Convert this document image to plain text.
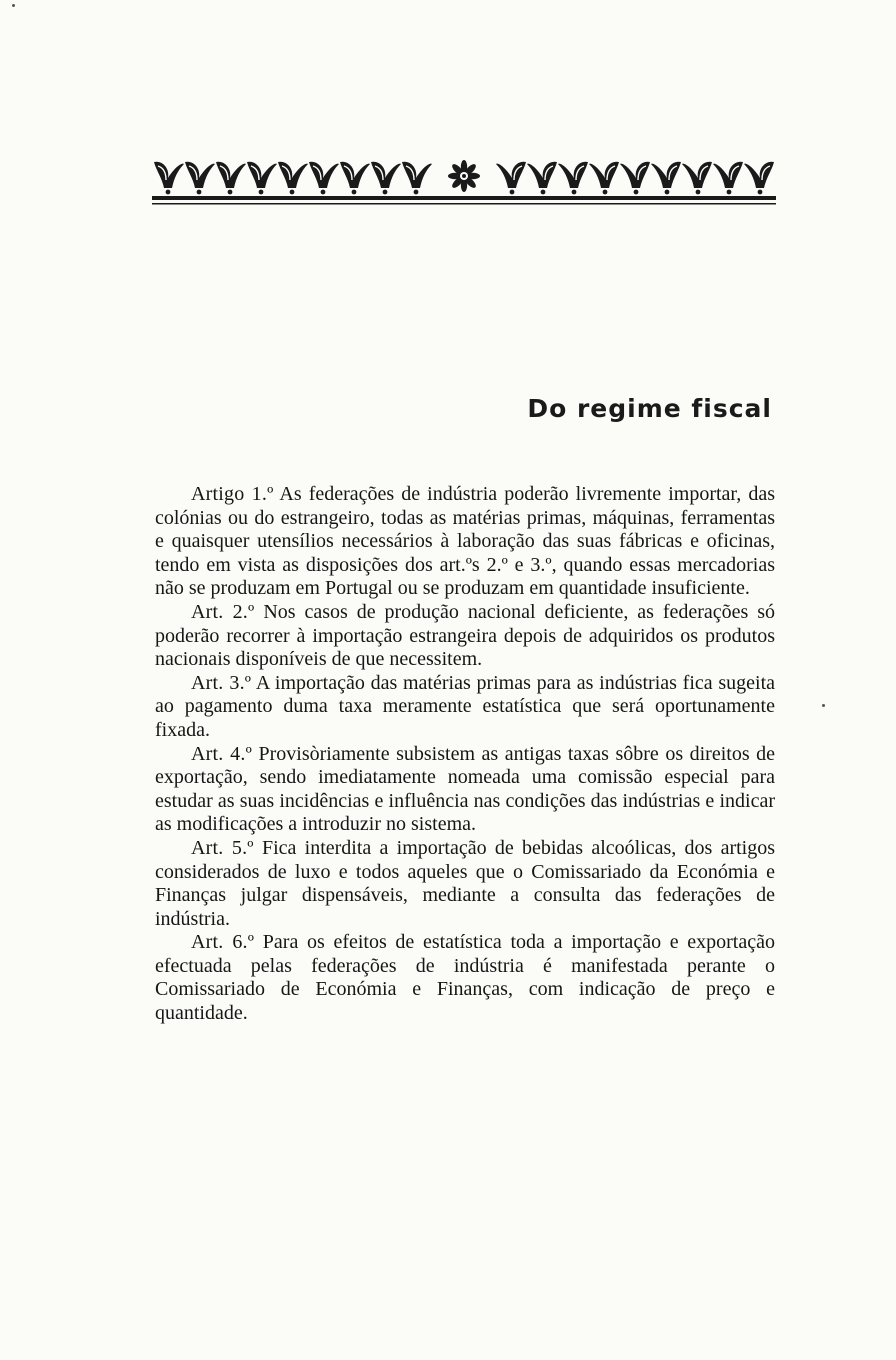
Do regime fiscal

Artigo 1.º As federações de indústria poderão livremente importar, das colónias ou do estrangeiro, todas as matérias primas, máquinas, ferramentas e quaisquer utensílios necessários à laboração das suas fábricas e oficinas, tendo em vista as disposições dos art.ºs 2.º e 3.º, quando essas mercadorias não se produzam em Portugal ou se produzam em quantidade insuficiente.

Art. 2.º Nos casos de produção nacional deficiente, as federações só poderão recorrer à importação estrangeira depois de adquiridos os produtos nacionais disponíveis de que necessitem.

Art. 3.º A importação das matérias primas para as indústrias fica sugeita ao pagamento duma taxa meramente estatística que será oportunamente fixada.

Art. 4.º Provisòriamente subsistem as antigas taxas sôbre os direitos de exportação, sendo imediatamente nomeada uma comissão especial para estudar as suas incidências e influência nas condições das indústrias e indicar as modificações a introduzir no sistema.

Art. 5.º Fica interdita a importação de bebidas alcoólicas, dos artigos considerados de luxo e todos aqueles que o Comissariado da Económia e Finanças julgar dispensáveis, mediante a consulta das federações de indústria.

Art. 6.º Para os efeitos de estatística toda a importação e exportação efectuada pelas federações de indústria é manifestada perante o Comissariado de Económia e Finanças, com indicação de preço e quantidade.
